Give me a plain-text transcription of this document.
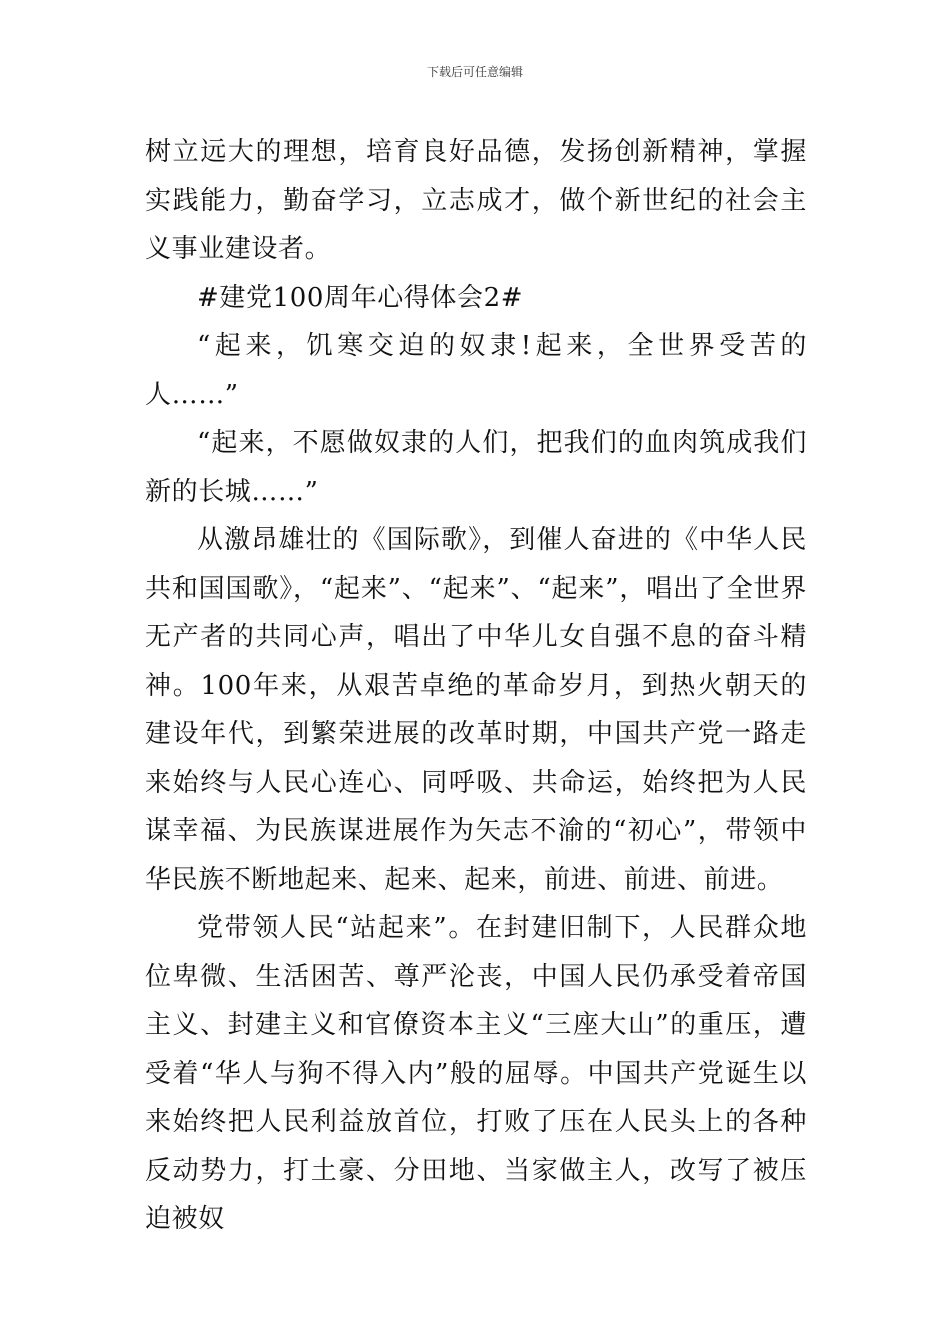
下载后可任意编辑

树立远大的理想，培育良好品德，发扬创新精神，掌握实践能力，勤奋学习，立志成才，做个新世纪的社会主义事业建设者。

#建党100周年心得体会2#

“起来，饥寒交迫的奴隶!起来，全世界受苦的人……”

“起来，不愿做奴隶的人们，把我们的血肉筑成我们新的长城……”

从激昂雄壮的《国际歌》，到催人奋进的《中华人民共和国国歌》，“起来”、“起来”、“起来”，唱出了全世界无产者的共同心声，唱出了中华儿女自强不息的奋斗精神。100年来，从艰苦卓绝的革命岁月，到热火朝天的建设年代，到繁荣进展的改革时期，中国共产党一路走来始终与人民心连心、同呼吸、共命运，始终把为人民谋幸福、为民族谋进展作为矢志不渝的“初心”，带领中华民族不断地起来、起来、起来，前进、前进、前进。

党带领人民“站起来”。在封建旧制下，人民群众地位卑微、生活困苦、尊严沦丧，中国人民仍承受着帝国主义、封建主义和官僚资本主义“三座大山”的重压，遭受着“华人与狗不得入内”般的屈辱。中国共产党诞生以来始终把人民利益放首位，打败了压在人民头上的各种反动势力，打土豪、分田地、当家做主人，改写了被压迫被奴
